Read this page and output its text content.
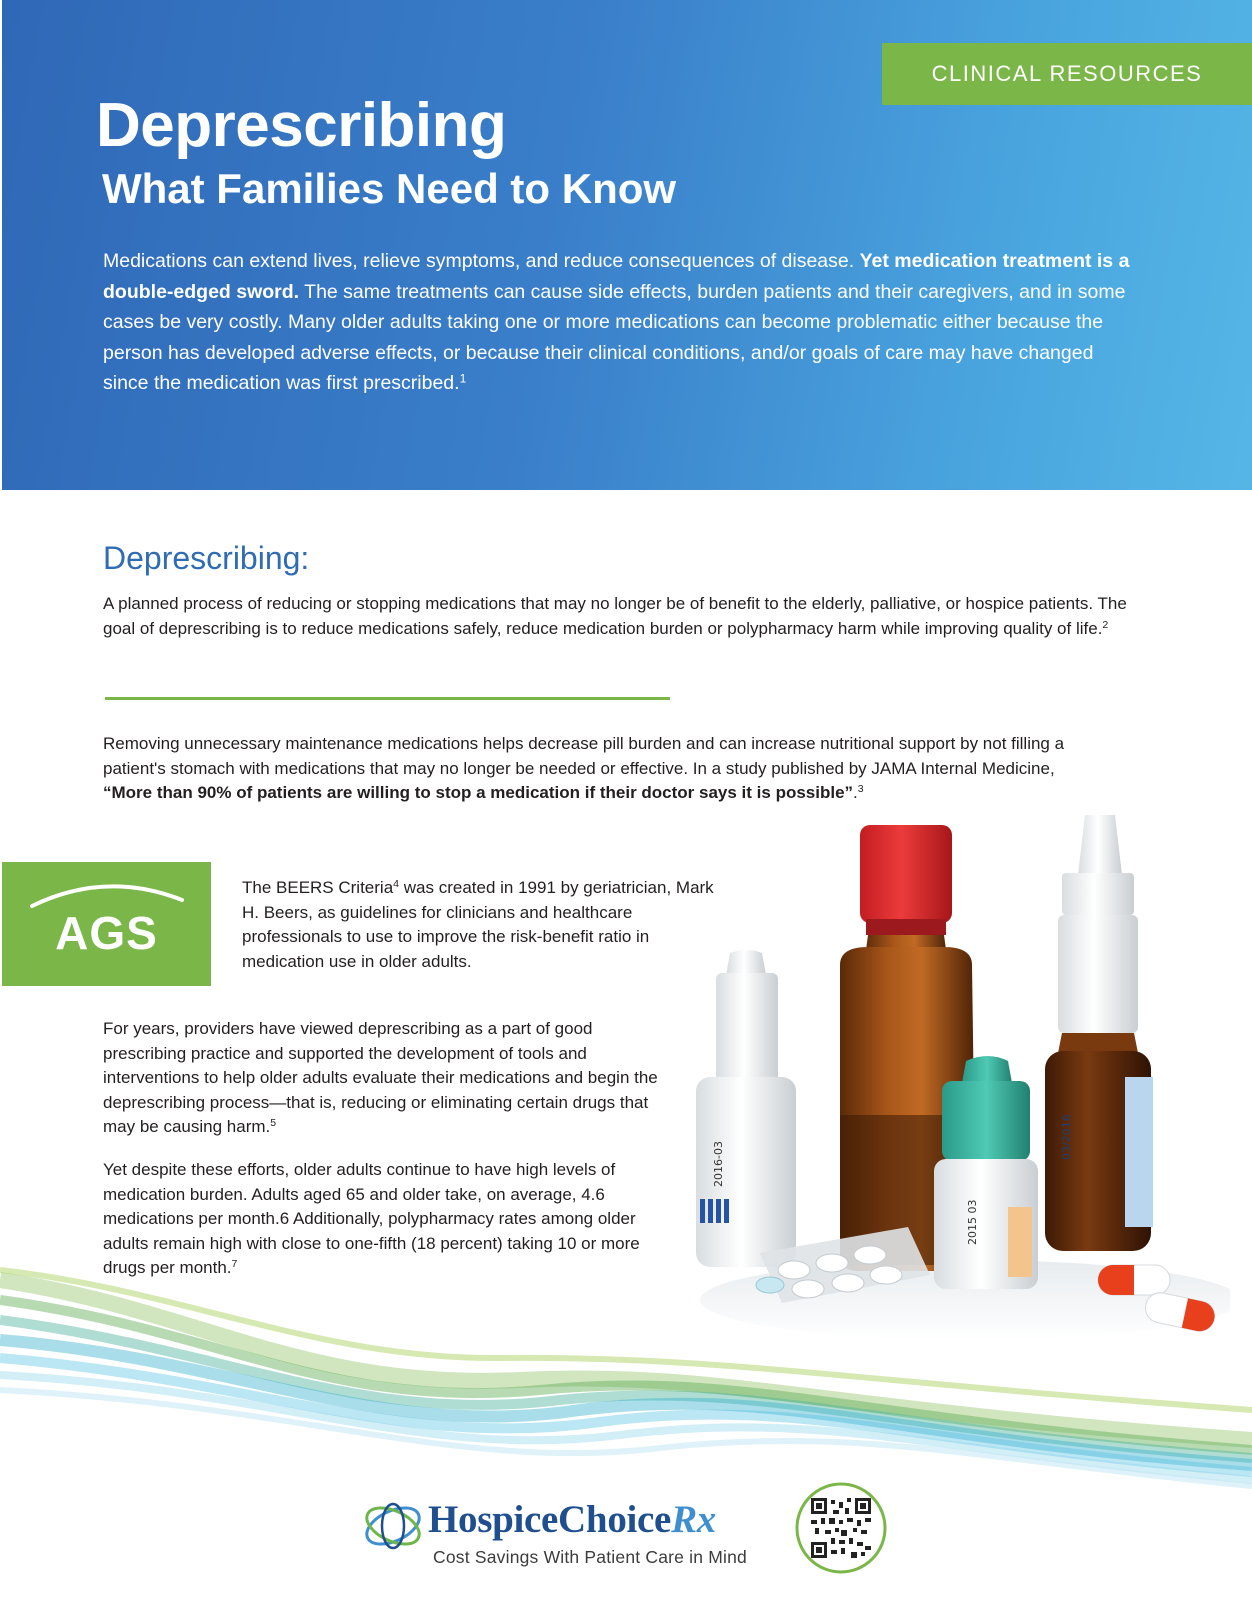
CLINICAL RESOURCES
Deprescribing
What Families Need to Know

Medications can extend lives, relieve symptoms, and reduce consequences of disease. Yet medication treatment is a double-edged sword. The same treatments can cause side effects, burden patients and their caregivers, and in some cases be very costly. Many older adults taking one or more medications can become problematic either because the person has developed adverse effects, or because their clinical conditions, and/or goals of care may have changed since the medication was first prescribed.$^1$

Deprescribing:

A planned process of reducing or stopping medications that may no longer be of benefit to the elderly, palliative, or hospice patients. The goal of deprescribing is to reduce medications safely, reduce medication burden or polypharmacy harm while improving quality of life.$^2$

Removing unnecessary maintenance medications helps decrease pill burden and can increase nutritional support by not filling a patient's stomach with medications that may no longer be needed or effective. In a study published by JAMA Internal Medicine, “More than 90% of patients are willing to stop a medication if their doctor says it is possible”.$^3$

AGS

The BEERS Criteria$^4$ was created in 1991 by geriatrician, Mark H. Beers, as guidelines for clinicians and healthcare professionals to use to improve the risk-benefit ratio in medication use in older adults.

For years, providers have viewed deprescribing as a part of good prescribing practice and supported the development of tools and interventions to help older adults evaluate their medications and begin the deprescribing process—that is, reducing or eliminating certain drugs that may be causing harm.$^5$

Yet despite these efforts, older adults continue to have high levels of medication burden. Adults aged 65 and older take, on average, 4.6 medications per month.6 Additionally, polypharmacy rates among older adults remain high with close to one-fifth (18 percent) taking 10 or more drugs per month.$^7$

03/2016
2016-03
2015 03

HospiceChoiceRx

Cost Savings With Patient Care in Mind
